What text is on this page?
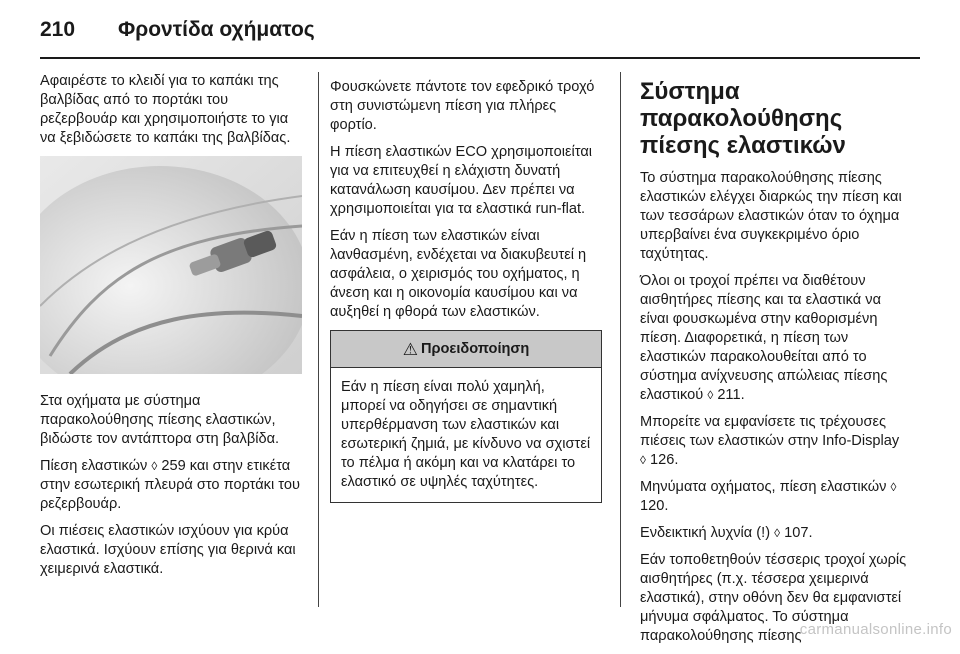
210 Φροντίδα οχήματος

Αφαιρέστε το κλειδί για το καπάκι της βαλβίδας από το πορτάκι του ρεζερβουάρ και χρησιμοποιήστε το για να ξεβιδώσετε το καπάκι της βαλβίδας.

Στα οχήματα με σύστημα παρακολούθησης πίεσης ελαστικών, βιδώστε τον αντάπτορα στη βαλβίδα.

Πίεση ελαστικών ◊ 259 και στην ετικέτα στην εσωτερική πλευρά στο πορτάκι του ρεζερβουάρ.

Οι πιέσεις ελαστικών ισχύουν για κρύα ελαστικά. Ισχύουν επίσης για θερινά και χειμερινά ελαστικά.

Φουσκώνετε πάντοτε τον εφεδρικό τροχό στη συνιστώμενη πίεση για πλήρες φορτίο.

Η πίεση ελαστικών ECO χρησιμοποιείται για να επιτευχθεί η ελάχιστη δυνατή κατανάλωση καυσίμου. Δεν πρέπει να χρησιμοποιείται για τα ελαστικά run-flat.

Εάν η πίεση των ελαστικών είναι λανθασμένη, ενδέχεται να διακυβευτεί η ασφάλεια, ο χειρισμός του οχήματος, η άνεση και η οικονομία καυσίμου και να αυξηθεί η φθορά των ελαστικών.

⚠ Προειδοποίηση
Εάν η πίεση είναι πολύ χαμηλή, μπορεί να οδηγήσει σε σημαντική υπερθέρμανση των ελαστικών και εσωτερική ζημιά, με κίνδυνο να σχιστεί το πέλμα ή ακόμη και να κλατάρει το ελαστικό σε υψηλές ταχύτητες.
Σύστημα παρακολούθησης πίεσης ελαστικών

Το σύστημα παρακολούθησης πίεσης ελαστικών ελέγχει διαρκώς την πίεση και των τεσσάρων ελαστικών όταν το όχημα υπερβαίνει ένα συγκεκριμένο όριο ταχύτητας.

Όλοι οι τροχοί πρέπει να διαθέτουν αισθητήρες πίεσης και τα ελαστικά να είναι φουσκωμένα στην καθορισμένη πίεση. Διαφορετικά, η πίεση των ελαστικών παρακολουθείται από το σύστημα ανίχνευσης απώλειας πίεσης ελαστικού ◊ 211.

Μπορείτε να εμφανίσετε τις τρέχουσες πιέσεις των ελαστικών στην Info-Display ◊ 126.

Μηνύματα οχήματος, πίεση ελαστικών ◊ 120.

Ενδεικτική λυχνία (!) ◊ 107.

Εάν τοποθετηθούν τέσσερις τροχοί χωρίς αισθητήρες (π.χ. τέσσερα χειμερινά ελαστικά), στην οθόνη δεν θα εμφανιστεί μήνυμα σφάλματος. Το σύστημα παρακολούθησης πίεσης

carmanualsonline.info
